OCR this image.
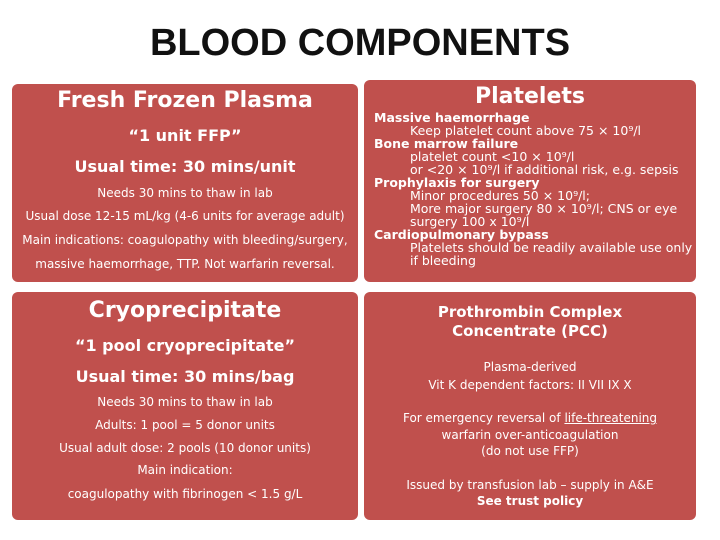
BLOOD COMPONENTS
Fresh Frozen Plasma
“1 unit FFP”
Usual time: 30 mins/unit
Needs 30 mins to thaw in lab
Usual dose 12-15 mL/kg (4-6 units for average adult)
Main indications: coagulopathy with bleeding/surgery,
massive haemorrhage, TTP. Not warfarin reversal.
Platelets
Massive haemorrhage
Keep platelet count above 75 × 10⁹/l
Bone marrow failure
platelet count <10 × 10⁹/l
or <20 × 10⁹/l if additional risk, e.g. sepsis
Prophylaxis for surgery
Minor procedures 50 × 10⁹/l;
More major surgery 80 × 10⁹/l; CNS or eye
surgery 100 x 10⁹/l
Cardiopulmonary bypass
Platelets should be readily available use only
if bleeding
Cryoprecipitate
“1 pool cryoprecipitate”
Usual time: 30 mins/bag
Needs 30 mins to thaw in lab
Adults: 1 pool = 5 donor units
Usual adult dose: 2 pools (10 donor units)
Main indication:
coagulopathy with fibrinogen < 1.5 g/L
Prothrombin Complex
Concentrate (PCC)
Plasma-derived
Vit K dependent factors: II VII IX X
For emergency reversal of life-threatening
warfarin over-anticoagulation
(do not use FFP)
Issued by transfusion lab – supply in A&E
See trust policy
